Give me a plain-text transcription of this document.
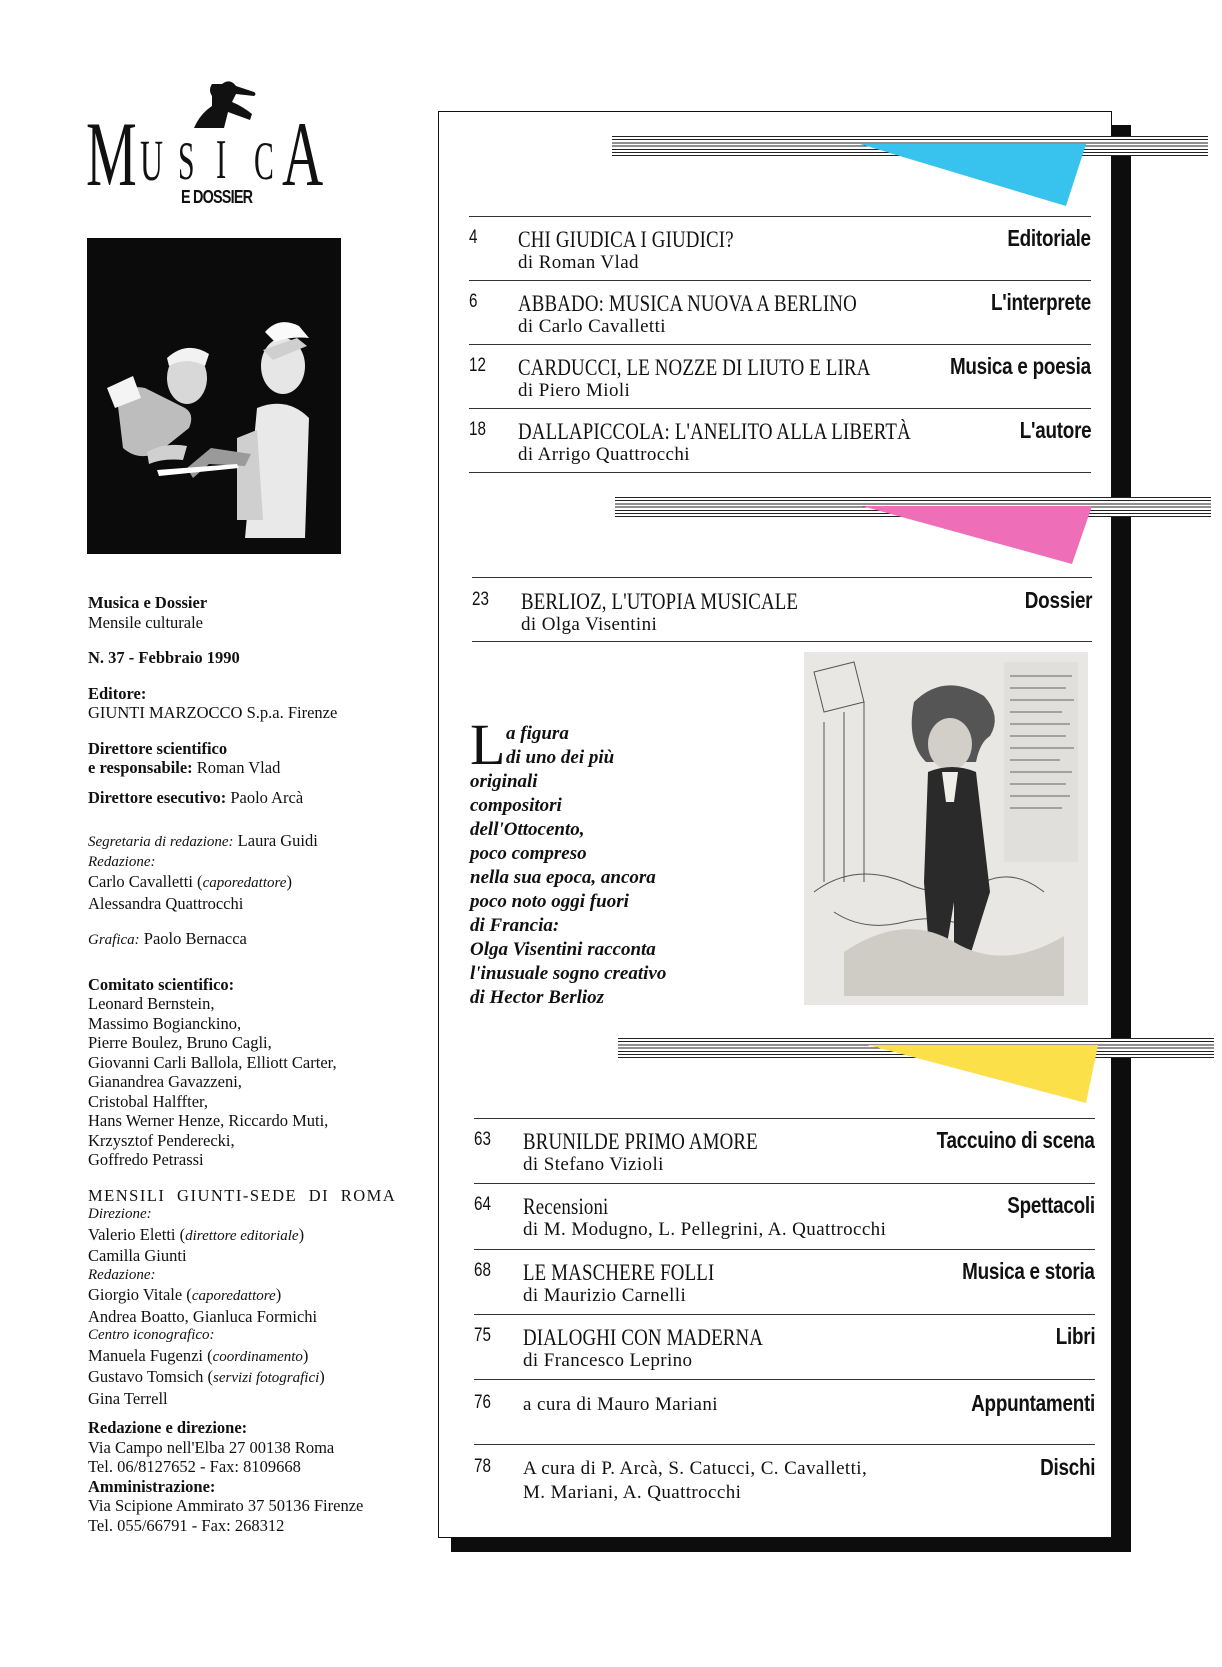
M U S I C A
E DOSSIER

Musica e Dossier

Mensile culturale

N. 37 - Febbraio 1990

Editore:

GIUNTI MARZOCCO S.p.a. Firenze

Direttore scientifico

e responsabile: Roman Vlad

Direttore esecutivo: Paolo Arcà

Segretaria di redazione: Laura Guidi

Redazione:

Carlo Cavalletti (caporedattore)

Alessandra Quattrocchi

Grafica: Paolo Bernacca

Comitato scientifico:

Leonard Bernstein,

Massimo Bogianckino,

Pierre Boulez, Bruno Cagli,

Giovanni Carli Ballola, Elliott Carter,

Gianandrea Gavazzeni,

Cristobal Halffter,

Hans Werner Henze, Riccardo Muti,

Krzysztof Penderecki,

Goffredo Petrassi

MENSILI GIUNTI-SEDE DI ROMA

Direzione:

Valerio Eletti (direttore editoriale)

Camilla Giunti

Redazione:

Giorgio Vitale (caporedattore)

Andrea Boatto, Gianluca Formichi

Centro iconografico:

Manuela Fugenzi (coordinamento)

Gustavo Tomsich (servizi fotografici)

Gina Terrell

Redazione e direzione:

Via Campo nell'Elba 27 00138 Roma

Tel. 06/8127652 - Fax: 8109668

Amministrazione:

Via Scipione Ammirato 37 50136 Firenze

Tel. 055/66791 - Fax: 268312

4 CHI GIUDICA I GIUDICI?
di Roman Vlad
Editoriale
6 ABBADO: MUSICA NUOVA A BERLINO
di Carlo Cavalletti
L'interprete
12 CARDUCCI, LE NOZZE DI LIUTO E LIRA
di Piero Mioli
Musica e poesia
18 DALLAPICCOLA: L'ANELITO ALLA LIBERTÀ
di Arrigo Quattrocchi
L'autore
23 BERLIOZ, L'UTOPIA MUSICALE
di Olga Visentini
Dossier
L a figura

di uno dei più

originali

compositori

dell'Ottocento,

poco compreso

nella sua epoca, ancora

poco noto oggi fuori

di Francia:

Olga Visentini racconta

l'inusuale sogno creativo

di Hector Berlioz

63 BRUNILDE PRIMO AMORE
di Stefano Vizioli
Taccuino di scena
64 Recensioni
di M. Modugno, L. Pellegrini, A. Quattrocchi
Spettacoli
68 LE MASCHERE FOLLI
di Maurizio Carnelli
Musica e storia
75 DIALOGHI CON MADERNA
di Francesco Leprino
Libri
76 a cura di Mauro Mariani	Appuntamenti
78 A cura di P. Arcà, S. Catucci, C. Cavalletti,
M. Mariani, A. Quattrocchi
Dischi
